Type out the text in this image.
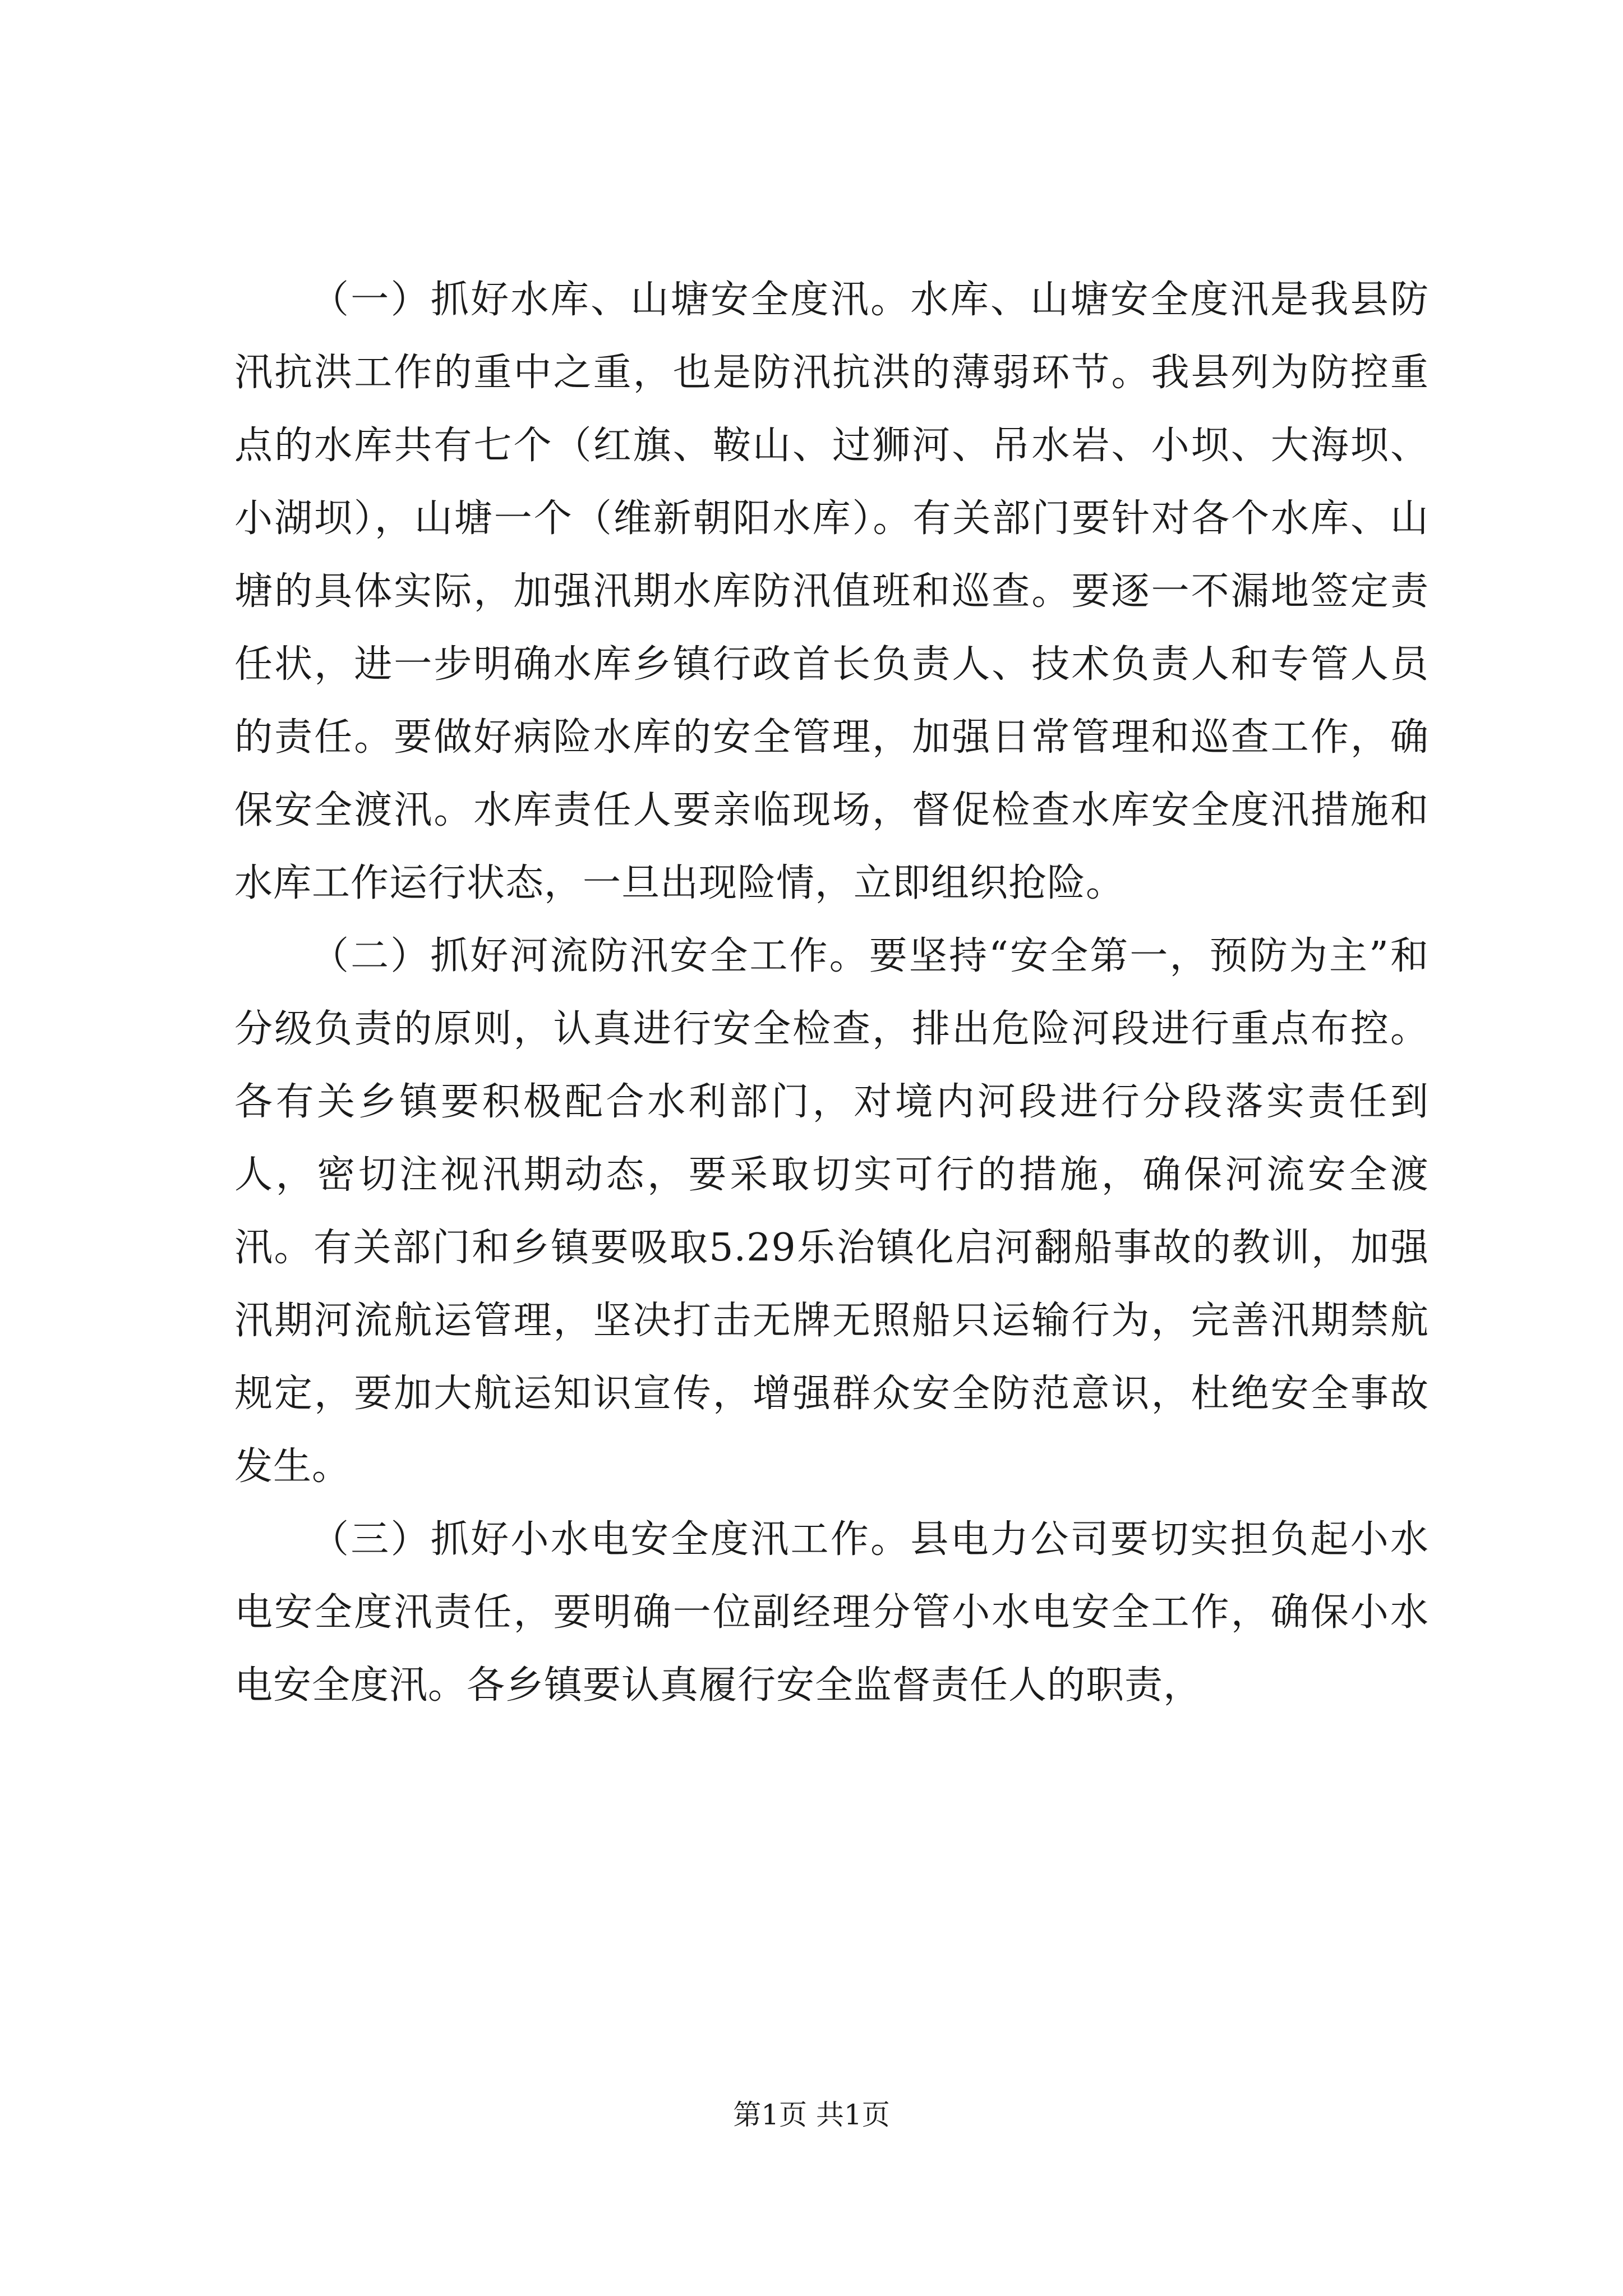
（一）抓好水库、山塘安全度汛。水库、山塘安全度汛是我县防汛抗洪工作的重中之重，也是防汛抗洪的薄弱环节。我县列为防控重点的水库共有七个（红旗、鞍山、过狮河、吊水岩、小坝、大海坝、小湖坝），山塘一个（维新朝阳水库）。有关部门要针对各个水库、山塘的具体实际，加强汛期水库防汛值班和巡查。要逐一不漏地签定责任状，进一步明确水库乡镇行政首长负责人、技术负责人和专管人员的责任。要做好病险水库的安全管理，加强日常管理和巡查工作，确保安全渡汛。水库责任人要亲临现场，督促检查水库安全度汛措施和水库工作运行状态，一旦出现险情，立即组织抢险。

（二）抓好河流防汛安全工作。要坚持“安全第一，预防为主”和分级负责的原则，认真进行安全检查，排出危险河段进行重点布控。各有关乡镇要积极配合水利部门，对境内河段进行分段落实责任到人，密切注视汛期动态，要采取切实可行的措施，确保河流安全渡汛。有关部门和乡镇要吸取5.29乐治镇化启河翻船事故的教训，加强汛期河流航运管理，坚决打击无牌无照船只运输行为，完善汛期禁航规定，要加大航运知识宣传，增强群众安全防范意识，杜绝安全事故发生。

（三）抓好小水电安全度汛工作。县电力公司要切实担负起小水电安全度汛责任，要明确一位副经理分管小水电安全工作，确保小水电安全度汛。各乡镇要认真履行安全监督责任人的职责，

第1页 共1页
